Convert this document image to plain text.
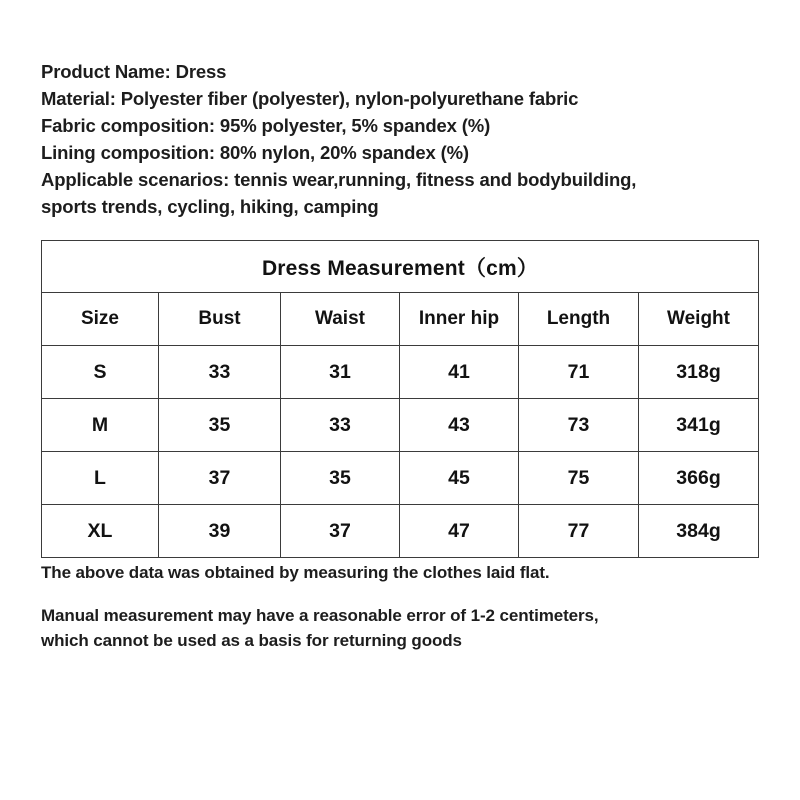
Product Name: Dress
Material: Polyester fiber (polyester), nylon-polyurethane fabric
Fabric composition: 95% polyester, 5% spandex (%)
Lining composition: 80% nylon, 20% spandex (%)
Applicable scenarios: tennis wear,running, fitness and bodybuilding, sports trends, cycling, hiking, camping
Dress Measurement（cm）					
Size	Bust	Waist	Inner hip	Length	Weight
S	33	31	41	71	318g
M	35	33	43	73	341g
L	37	35	45	75	366g
XL	39	37	47	77	384g
The above data was obtained by measuring the clothes laid flat.
Manual measurement may have a reasonable error of 1-2 centimeters,
which cannot be used as a basis for returning goods
